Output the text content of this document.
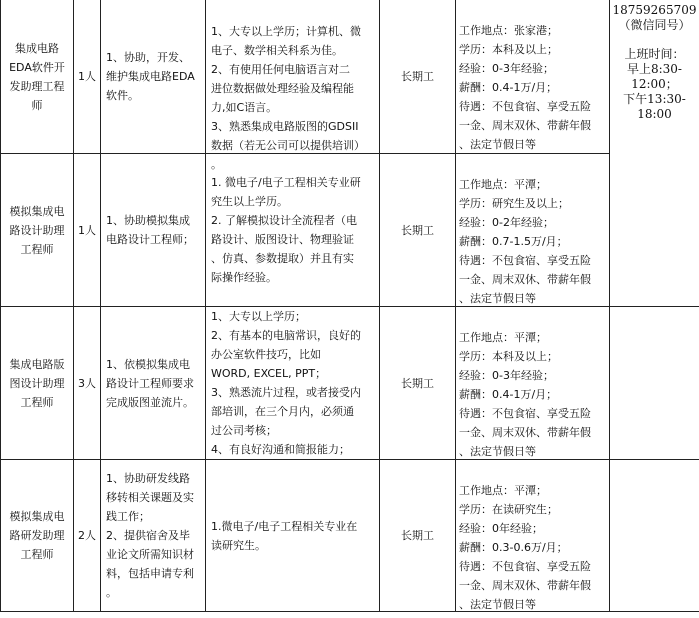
集成电路
EDA软件开
发助理工程
师
1人
1、协助，开发、
维护集成电路EDA
软件。

1、大专以上学历；计算机、微
电子、数学相关科系为佳。
2、有使用任何电脑语言对二
进位数据做处理经验及编程能
力,如C语言。
3、熟悉集成电路版图的GDSII
数据（若无公司可以提供培训）
。

长期工

工作地点：张家港；
学历：本科及以上；
经验：0-3年经验；
薪酬：0.4-1万/月；
待遇：不包食宿、享受五险
一金、周末双休、带薪年假
、法定节假日等

18759265709（微信同号）
上班时间：
早上8:30-12:00；
下午13:30-18:00
模拟集成电
路设计助理
工程师
1人
1、协助模拟集成
电路设计工程师；
1. 微电子/电子工程相关专业研
究生以上学历。
2. 了解模拟设计全流程者（电
路设计、版图设计、物理验证
、仿真、参数提取）并且有实
际操作经验。
长期工

工作地点：平潭；
学历：研究生及以上；
经验：0-2年经验；
薪酬：0.7-1.5万/月；
待遇：不包食宿、享受五险
一金、周末双休、带薪年假
、法定节假日等

集成电路版
图设计助理
工程师
3人
1、依模拟集成电
路设计工程师要求
完成版图並流片。
1、大专以上学历；
2、有基本的电脑常识，良好的
办公室软件技巧，比如
WORD, EXCEL, PPT；
3、熟悉流片过程，或者接受内
部培训，在三个月内，必须通
过公司考核；
4、有良好沟通和简报能力；
长期工

工作地点：平潭；
学历：本科及以上；
经验：0-3年经验；
薪酬：0.4-1万/月；
待遇：不包食宿、享受五险
一金、周末双休、带薪年假
、法定节假日等

模拟集成电
路研发助理
工程师
2人
1、协助研发线路
移转相关课题及实
践工作；
2、提供宿舍及毕
业论文所需知识材
料，包括申请专利
。
1.微电子/电子工程相关专业在
读研究生。
长期工

工作地点：平潭；
学历：在读研究生；
经验：0年经验；
薪酬：0.3-0.6万/月；
待遇：不包食宿、享受五险
一金、周末双休、带薪年假
、法定节假日等
